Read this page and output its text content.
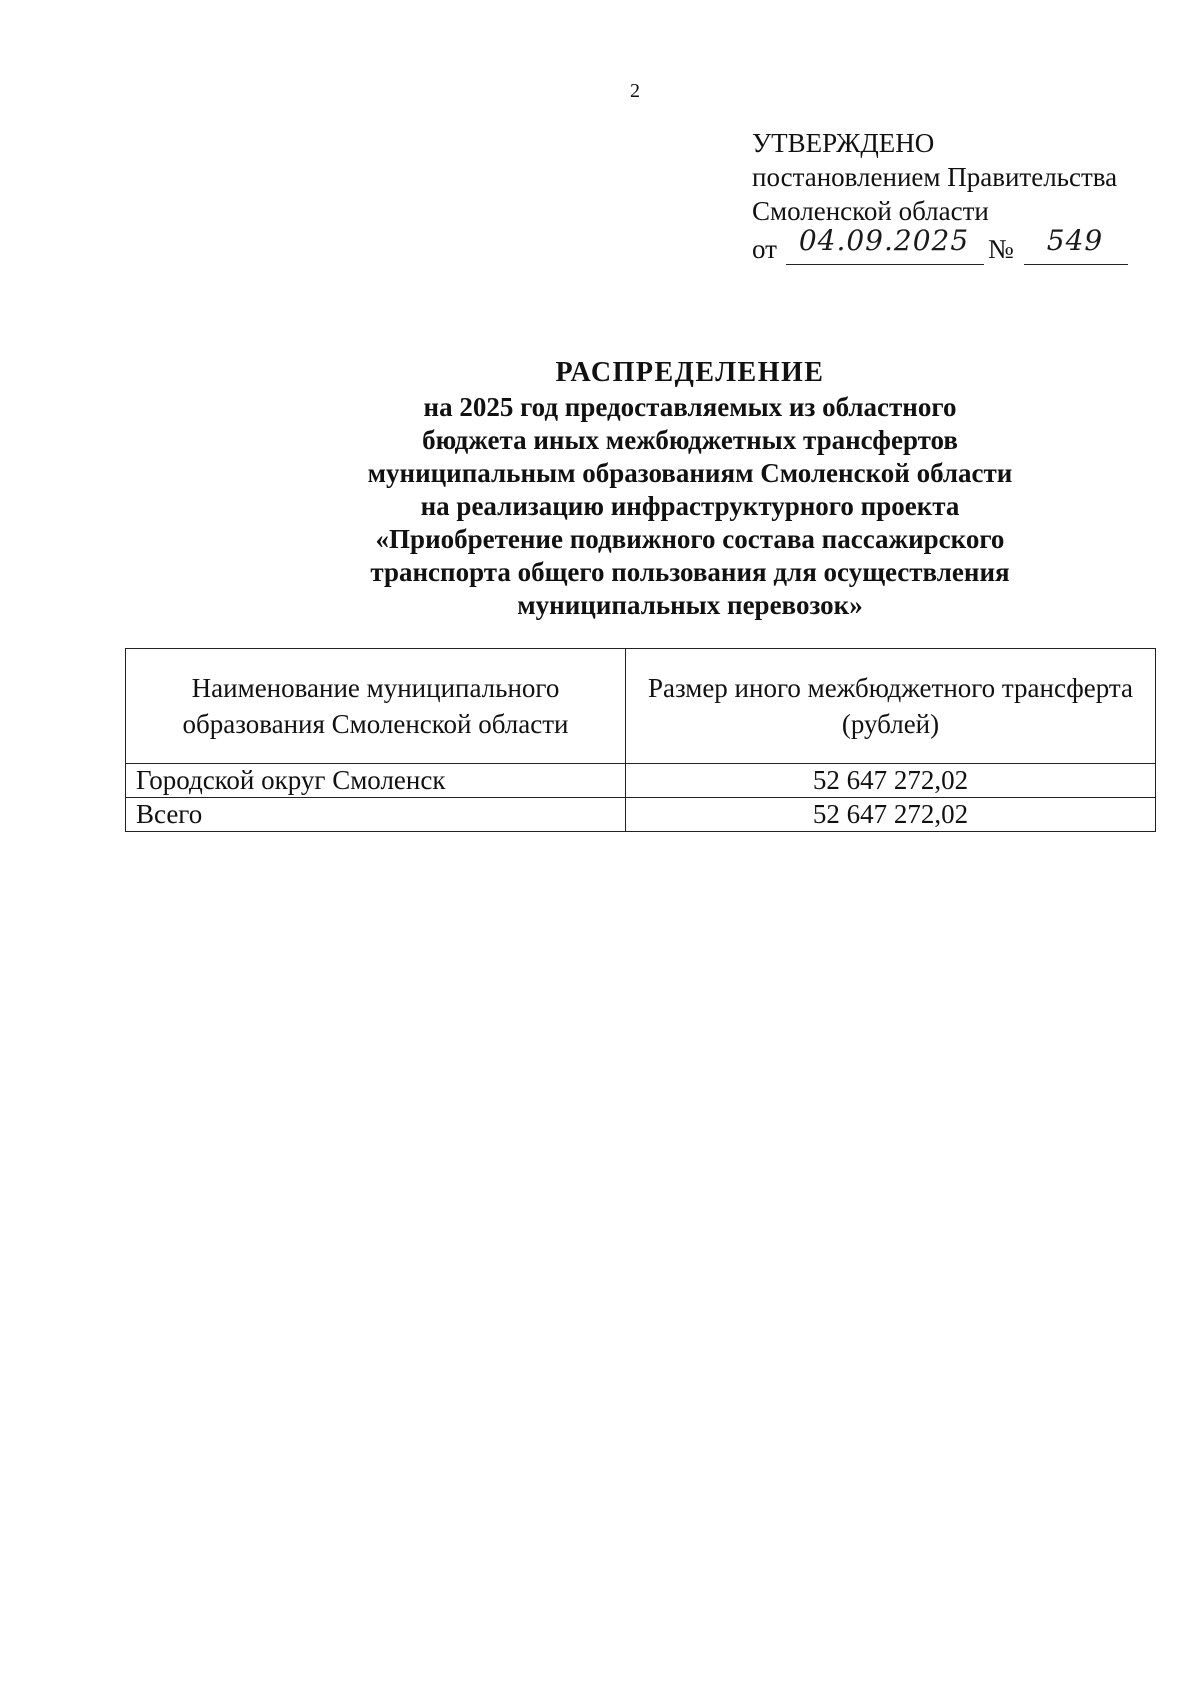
2
УТВЕРЖДЕНО
постановлением Правительства
Смоленской области
от 04.09.2025 №	549
РАСПРЕДЕЛЕНИЕ
на 2025 год предоставляемых из областного
бюджета иных межбюджетных трансфертов
муниципальным образованиям Смоленской области
на реализацию инфраструктурного проекта
«Приобретение подвижного состава пассажирского
транспорта общего пользования для осуществления
муниципальных перевозок»
Наименование муниципального образования Смоленской области	Размер иного межбюджетного трансферта (рублей)
Городской округ Смоленск	52 647 272,02
Всего	52 647 272,02
